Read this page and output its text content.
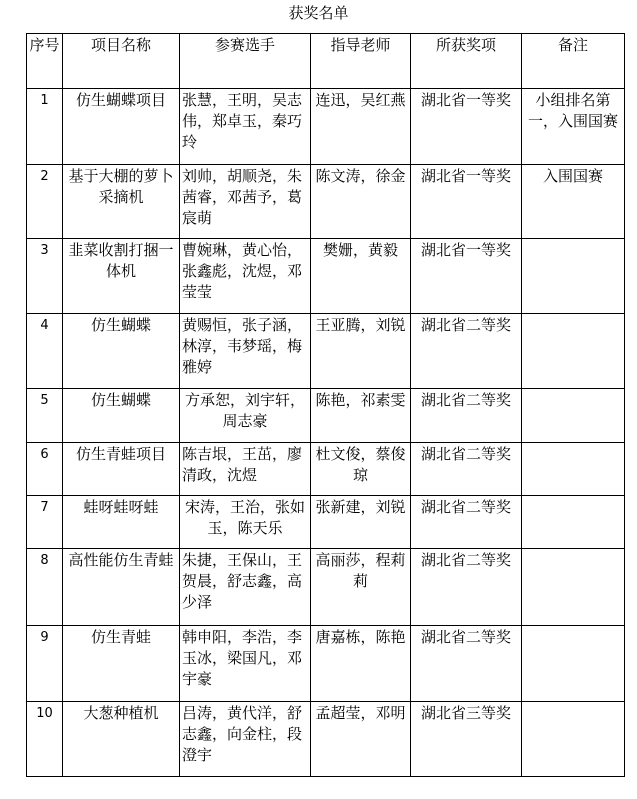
获奖名单
序号	项目名称	参赛选手	指导老师	所获奖项	备注
1	仿生蝴蝶项目	张慧，王明，吴志伟，郑卓玉，秦巧玲	连迅，吴红燕	湖北省一等奖	小组排名第一，入围国赛
2	基于大棚的萝卜采摘机	刘帅，胡顺尧，朱茜睿，邓茜予，葛宸萌	陈文涛，徐金	湖北省一等奖	入围国赛
3	韭菜收割打捆一体机	曹婉琳，黄心怡，张鑫彪，沈煜，邓莹莹	樊姗，黄毅	湖北省一等奖	
4	仿生蝴蝶	黄赐恒，张子涵，林淳，韦梦瑶，梅雅婷	王亚腾，刘锐	湖北省二等奖	
5	仿生蝴蝶	方承恕，刘宇轩，周志豪	陈艳，祁素雯	湖北省二等奖	
6	仿生青蛙项目	陈吉垠，王茁，廖清政，沈煜	杜文俊，蔡俊琼	湖北省二等奖	
7	蛙呀蛙呀蛙	宋涛，王治，张如玉，陈天乐	张新建，刘锐	湖北省二等奖	
8	高性能仿生青蛙	朱捷，王保山，王贺晨，舒志鑫，高少泽	高丽莎，程莉莉	湖北省二等奖	
9	仿生青蛙	韩申阳，李浩，李玉冰，梁国凡，邓宇豪	唐嘉栋，陈艳	湖北省二等奖	
10	大葱种植机	吕涛，黄代洋，舒志鑫，向金柱，段澄宇	孟超莹，邓明	湖北省三等奖	
